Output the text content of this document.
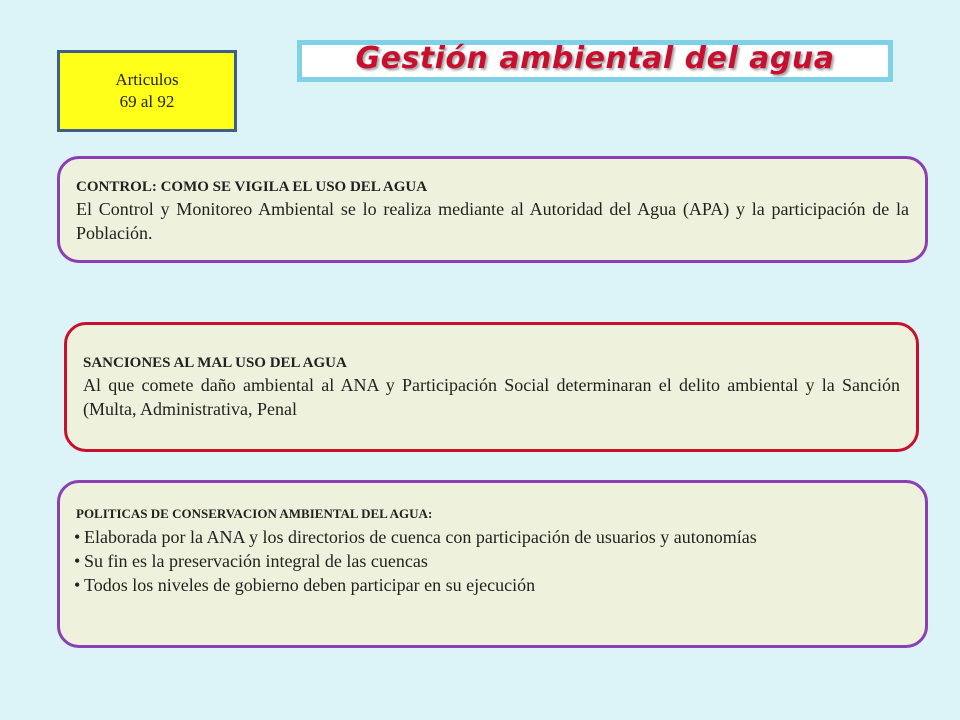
Articulos
69 al 92
Gestión ambiental del agua
CONTROL: COMO SE VIGILA EL USO DEL AGUA
El Control y Monitoreo Ambiental se lo realiza mediante al Autoridad del Agua (APA) y la participación de la Población.
SANCIONES AL MAL USO DEL AGUA
Al que comete daño ambiental al ANA y Participación Social determinaran el delito ambiental y la Sanción (Multa, Administrativa, Penal
POLITICAS DE CONSERVACION AMBIENTAL DEL AGUA:
• Elaborada por la ANA y los directorios de cuenca con participación de usuarios y autonomías
• Su fin es la preservación integral de las cuencas
• Todos los niveles de gobierno deben participar en su ejecución
